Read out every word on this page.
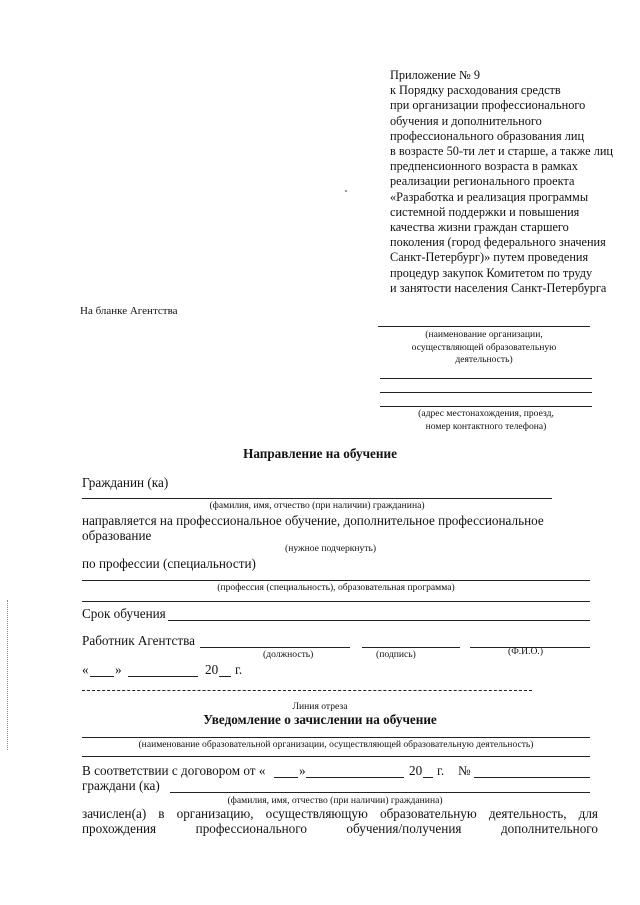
Приложение № 9
к Порядку расходования средств
при организации профессионального
обучения и дополнительного
профессионального образования лиц
в возрасте 50-ти лет и старше, а также лиц
предпенсионного возраста в рамках
реализации регионального проекта
«Разработка и реализация программы
системной поддержки и повышения
качества жизни граждан старшего
поколения (город федерального значения
Санкт-Петербург)» путем проведения
процедур закупок Комитетом по труду
и занятости населения Санкт-Петербурга
На бланке Агентства
(наименование организации,
осуществляющей образовательную
деятельность)
(адрес местонахождения, проезд,
номер контактного телефона)
Направление на обучение
Гражданин (ка)
(фамилия, имя, отчество (при наличии) гражданина)
направляется на профессиональное обучение, дополнительное профессиональное
образование
(нужное подчеркнуть)
по профессии (специальности)
(профессия (специальность), образовательная программа)
Срок обучения
Работник Агентства
(должность)	(подпись)	(Ф.И.О.)
« »	20 г.
Линия отреза
Уведомление о зачислении на обучение
(наименование образовательной организации, осуществляющей образовательную деятельность)
В соответствии с договором от «	»	20 г. №
граждани (ка)
(фамилия, имя, отчество (при наличии) гражданина)
зачислен(а) в организацию, осуществляющую образовательную деятельность, для
прохождения	профессионального	обучения/получения	дополнительного
